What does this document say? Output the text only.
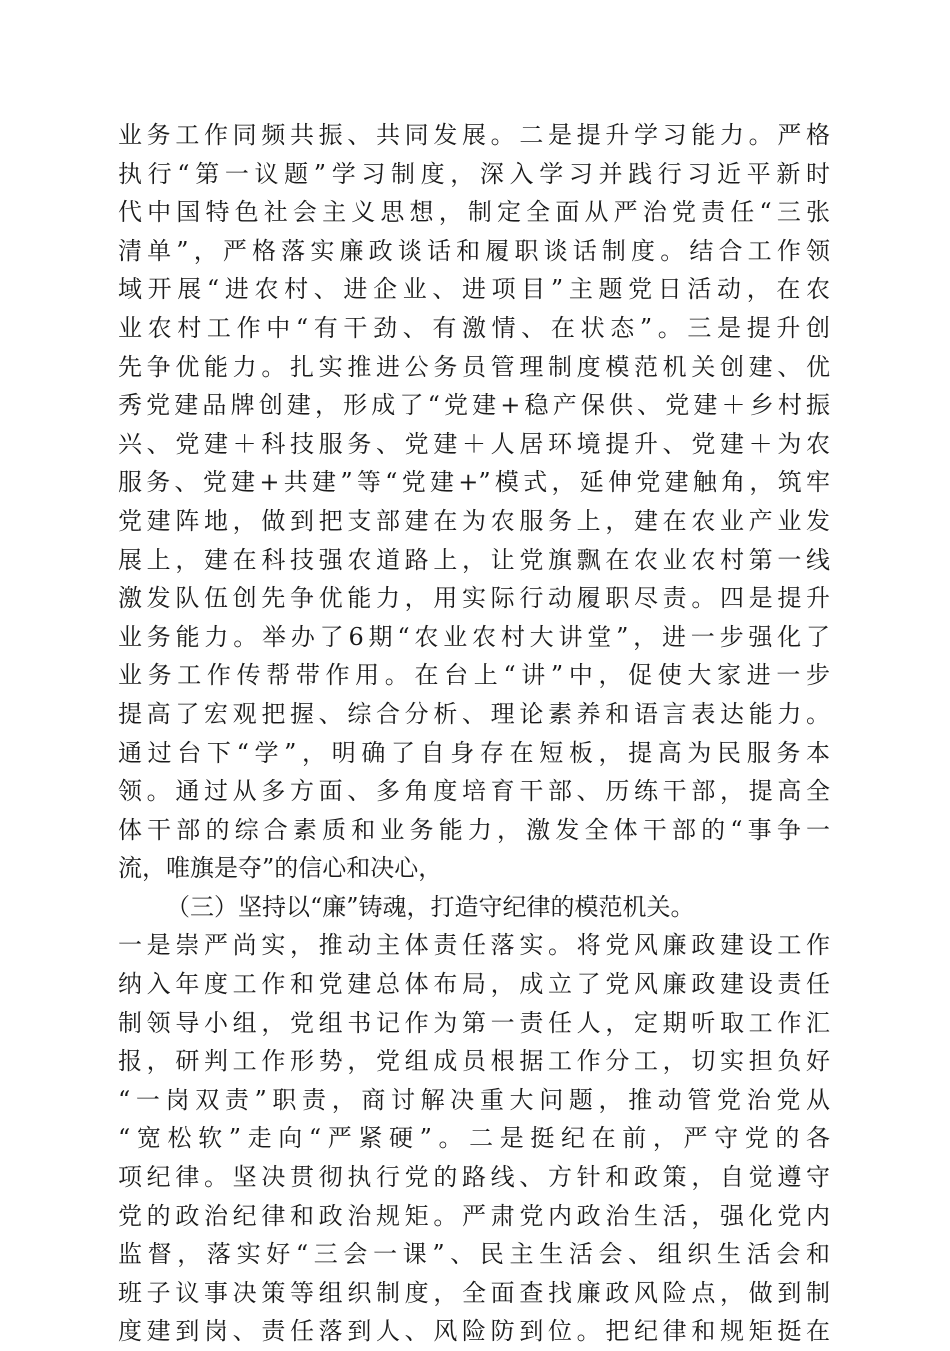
业务工作同频共振、共同发展。二是提升学习能力。严格
执行“第一议题”学习制度，深入学习并践行习近平新时
代中国特色社会主义思想，制定全面从严治党责任“三张
清单”，严格落实廉政谈话和履职谈话制度。结合工作领
域开展“进农村、进企业、进项目”主题党日活动，在农
业农村工作中“有干劲、有激情、在状态”。三是提升创
先争优能力。扎实推进公务员管理制度模范机关创建、优
秀党建品牌创建，形成了“党建+稳产保供、党建＋乡村振
兴、党建＋科技服务、党建＋人居环境提升、党建＋为农
服务、党建+共建”等“党建+”模式，延伸党建触角，筑牢
党建阵地，做到把支部建在为农服务上，建在农业产业发
展上，建在科技强农道路上，让党旗飘在农业农村第一线
激发队伍创先争优能力，用实际行动履职尽责。四是提升
业务能力。举办了6期“农业农村大讲堂”，进一步强化了
业务工作传帮带作用。在台上“讲”中，促使大家进一步
提高了宏观把握、综合分析、理论素养和语言表达能力。
通过台下“学”，明确了自身存在短板，提高为民服务本
领。通过从多方面、多角度培育干部、历练干部，提高全
体干部的综合素质和业务能力，激发全体干部的“事争一
流，唯旗是夺”的信心和决心，
（三）坚持以“廉”铸魂，打造守纪律的模范机关。
一是崇严尚实，推动主体责任落实。将党风廉政建设工作
纳入年度工作和党建总体布局，成立了党风廉政建设责任
制领导小组，党组书记作为第一责任人，定期听取工作汇
报，研判工作形势，党组成员根据工作分工，切实担负好
“一岗双责”职责，商讨解决重大问题，推动管党治党从
“宽松软”走向“严紧硬”。二是挺纪在前，严守党的各
项纪律。坚决贯彻执行党的路线、方针和政策，自觉遵守
党的政治纪律和政治规矩。严肃党内政治生活，强化党内
监督，落实好“三会一课”、民主生活会、组织生活会和
班子议事决策等组织制度，全面查找廉政风险点，做到制
度建到岗、责任落到人、风险防到位。把纪律和规矩挺在
